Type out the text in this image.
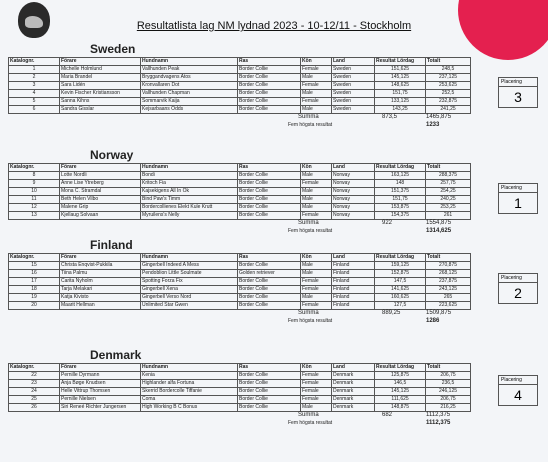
Resultatlista lag NM lydnad 2023 - 10-12/11 - Stockholm
Sweden
Katalognr.	Förare	Hundnamn	Ras	Kön	Land	Resultat Lördag	Totalt
1	Michelle Holmlund	Vallhunden Peak	Border Collie	Female	Sweden	151,625	248,5
2	Maria Brandel	Bryggandvagens Atos	Border Collie	Male	Sweden	145,125	237,125
3	Sara Lidén	Kronvallaren Dot	Border Collie	Female	Sweden	148,625	253,625
4	Kevin Fischer Kristiansson	Vallhunden Chapman	Border Collie	Male	Sweden	151,75	252,5
5	Sanna Kihns	Sommarvik Kaija	Border Collie	Female	Sweden	133,125	232,875
6	Sandra Gisslar	Kejsarbaans Odds	Border Collie	Male	Sweden	143,25	241,25
Summa	873,5	1465,875
Fem högsta resultat	1233
Placering
3
Norway
Katalognr.	Förare	Hundnamn	Ras	Kön	Land	Resultat Lördag	Totalt
8	Lotte Nordli	Bondi	Border Collie	Male	Norway	163,125	288,375
9	Anne Lise Ytreberg	Kritoch Fia	Border Collie	Female	Norway	148	257,75
10	Mona C. Stramdal	Kajsekigens All In Ok	Border Collie	Male	Norway	151,375	254,25
11	Beth Helen Vilbo	Bind Paw's Timm	Border Collie	Male	Norway	151,75	240,25
12	Malene Grip	Bordercollienes Elekt Kule Krutt	Border Collie	Male	Norway	153,875	253,25
13	Kjellaug Solvaan	Myruilens's Nelly	Border Collie	Female	Norway	154,375	261
Summa	922	1554,875
Fem högsta resultat	1314,625
Placering
1
Finland
Katalognr.	Förare	Hundnamn	Ras	Kön	Land	Resultat Lördag	Totalt
15	Christa Enqvist-Pukkila	Gingerbell Indeed A Mess	Border Collie	Male	Finland	159,125	270,875
16	Tiina Palmu	Pendoblion Little Soulmate	Golden retriever	Male	Finland	152,875	268,125
17	Carita Nyholm	Spotting Forza Fix	Border Collie	Female	Finland	147,5	237,875
18	Tarja Melakari	Gingerbell Xena	Border Collie	Female	Finland	141,625	243,125
19	Katja Kivisto	Gingerbell Verso Nord	Border Collie	Male	Finland	160,625	265
20	Maarit Hellman	Unlimited Star Gwen	Border Collie	Female	Finland	127,5	223,625
Summa	889,25	1509,875
Fem högsta resultat	1286
Placering
2
Denmark
Katalognr.	Förare	Hundnamn	Ras	Kön	Land	Resultat Lördag	Totalt
22	Pernille Dyrmann	Kenia	Border Collie	Female	Denmark	125,875	206,75
23	Anja Bøge Knudsen	Highlander alfa Fortuna	Border Collie	Female	Denmark	146,5	236,5
24	Helle Vittrup Thomsen	Skerrid Bordercolle Tiffanie	Border Collie	Female	Denmark	145,125	246,125
25	Pernille Nielsen	Coma	Border Collie	Female	Denmark	111,625	206,75
26	Siri Reneé Richter Jungersen	High Working B C Bonus	Border Collie	Male	Denmark	148,875	216,25
Summa	682	1112,375
Fem högsta resultat	1112,375
Placering
4
